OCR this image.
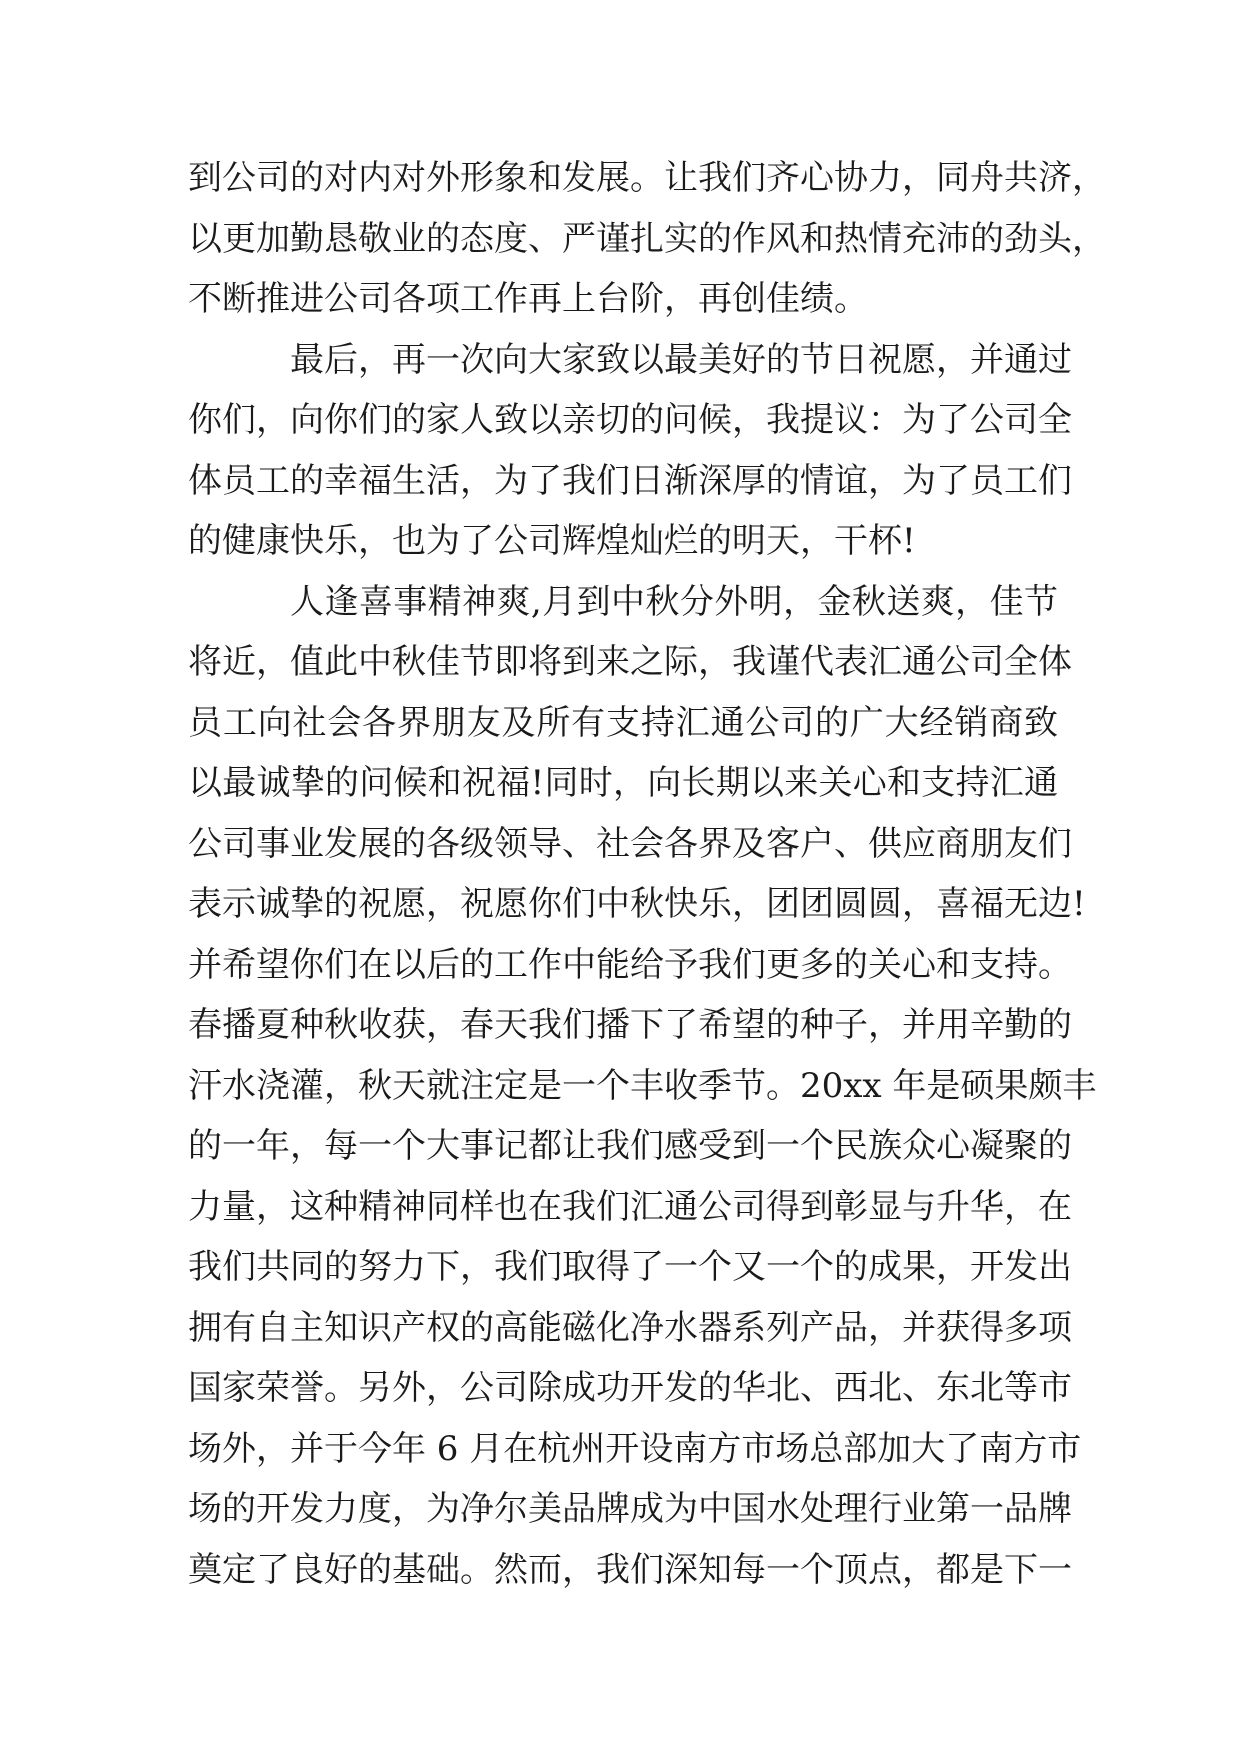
到公司的对内对外形象和发展。让我们齐心协力，同舟共济，
以更加勤恳敬业的态度、严谨扎实的作风和热情充沛的劲头，
不断推进公司各项工作再上台阶，再创佳绩。
最后，再一次向大家致以最美好的节日祝愿，并通过
你们，向你们的家人致以亲切的问候，我提议：为了公司全
体员工的幸福生活，为了我们日渐深厚的情谊，为了员工们
的健康快乐，也为了公司辉煌灿烂的明天，干杯!
人逢喜事精神爽,月到中秋分外明，金秋送爽，佳节
将近，值此中秋佳节即将到来之际，我谨代表汇通公司全体
员工向社会各界朋友及所有支持汇通公司的广大经销商致
以最诚挚的问候和祝福!同时，向长期以来关心和支持汇通
公司事业发展的各级领导、社会各界及客户、供应商朋友们
表示诚挚的祝愿，祝愿你们中秋快乐，团团圆圆，喜福无边!
并希望你们在以后的工作中能给予我们更多的关心和支持。
春播夏种秋收获，春天我们播下了希望的种子，并用辛勤的
汗水浇灌，秋天就注定是一个丰收季节。20xx 年是硕果颇丰
的一年，每一个大事记都让我们感受到一个民族众心凝聚的
力量，这种精神同样也在我们汇通公司得到彰显与升华，在
我们共同的努力下，我们取得了一个又一个的成果，开发出
拥有自主知识产权的高能磁化净水器系列产品，并获得多项
国家荣誉。另外，公司除成功开发的华北、西北、东北等市
场外，并于今年 6 月在杭州开设南方市场总部加大了南方市
场的开发力度，为净尔美品牌成为中国水处理行业第一品牌
奠定了良好的基础。然而，我们深知每一个顶点，都是下一
